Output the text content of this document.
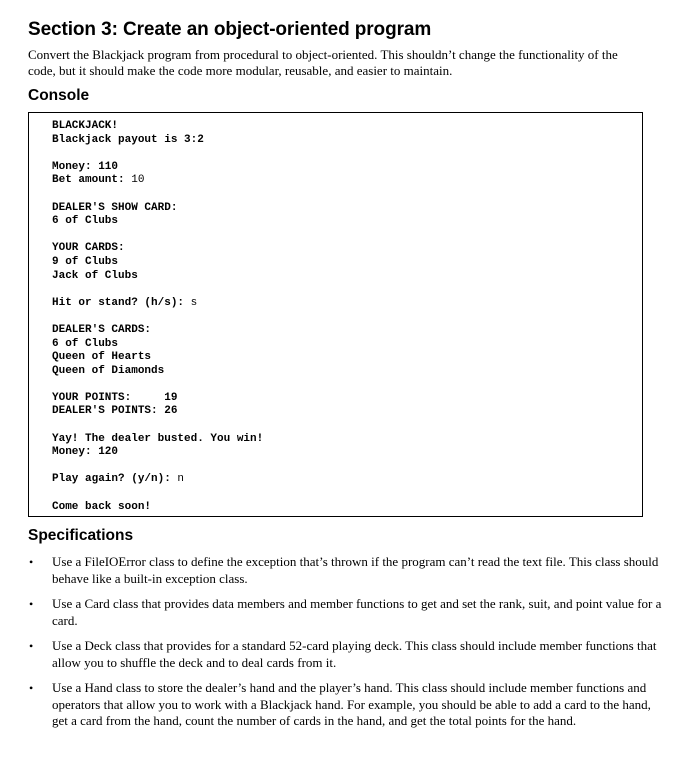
Section 3: Create an object-oriented program

Convert the Blackjack program from procedural to object-oriented. This shouldn’t change the functionality of the code, but it should make the code more modular, reusable, and easier to maintain.

Console
BLACKJACK!
Blackjack payout is 3:2
Money: 110
Bet amount: 10
DEALER'S SHOW CARD:
6 of Clubs
YOUR CARDS:
9 of Clubs
Jack of Clubs
Hit or stand? (h/s): s
DEALER'S CARDS:
6 of Clubs
Queen of Hearts
Queen of Diamonds
YOUR POINTS:     19
DEALER'S POINTS: 26
Yay! The dealer busted. You win!
Money: 120
Play again? (y/n): n
Come back soon!
Specifications
• Use a FileIOError class to define the exception that’s thrown if the program can’t read the text file. This class should behave like a built-in exception class.
• Use a Card class that provides data members and member functions to get and set the rank, suit, and point value for a card.
• Use a Deck class that provides for a standard 52-card playing deck. This class should include member functions that allow you to shuffle the deck and to deal cards from it.
• Use a Hand class to store the dealer’s hand and the player’s hand. This class should include member functions and operators that allow you to work with a Blackjack hand. For example, you should be able to add a card to the hand, get a card from the hand, count the number of cards in the hand, and get the total points for the hand.
